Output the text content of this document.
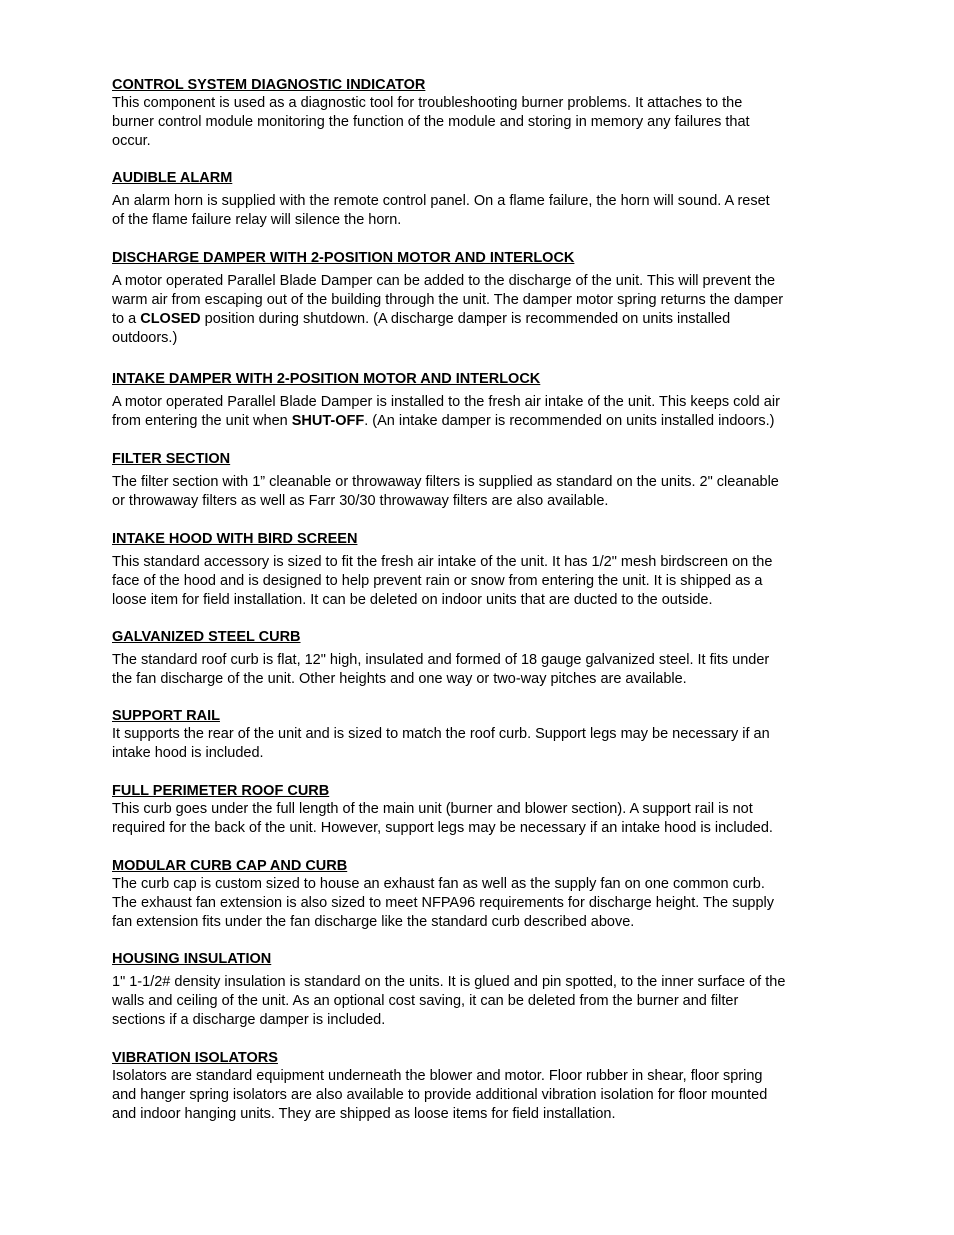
CONTROL SYSTEM DIAGNOSTIC INDICATOR
This component is used as a diagnostic tool for troubleshooting burner problems. It attaches to the
burner control module monitoring the function of the module and storing in memory any failures that
occur.
AUDIBLE ALARM
An alarm horn is supplied with the remote control panel. On a flame failure, the horn will sound. A reset
of the flame failure relay will silence the horn.
DISCHARGE DAMPER WITH 2-POSITION MOTOR AND INTERLOCK
A motor operated Parallel Blade Damper can be added to the discharge of the unit. This will prevent the
warm air from escaping out of the building through the unit. The damper motor spring returns the damper
to a CLOSED position during shutdown. (A discharge damper is recommended on units installed
outdoors.)
INTAKE DAMPER WITH 2-POSITION MOTOR AND INTERLOCK
A motor operated Parallel Blade Damper is installed to the fresh air intake of the unit. This keeps cold air
from entering the unit when SHUT-OFF. (An intake damper is recommended on units installed indoors.)
FILTER SECTION
The filter section with 1” cleanable or throwaway filters is supplied as standard on the units. 2" cleanable
or throwaway filters as well as Farr 30/30 throwaway filters are also available.
INTAKE HOOD WITH BIRD SCREEN
This standard accessory is sized to fit the fresh air intake of the unit. It has 1/2" mesh birdscreen on the
face of the hood and is designed to help prevent rain or snow from entering the unit. It is shipped as a
loose item for field installation. It can be deleted on indoor units that are ducted to the outside.
GALVANIZED STEEL CURB
The standard roof curb is flat, 12" high, insulated and formed of 18 gauge galvanized steel. It fits under
the fan discharge of the unit. Other heights and one way or two-way pitches are available.
SUPPORT RAIL
It supports the rear of the unit and is sized to match the roof curb. Support legs may be necessary if an
intake hood is included.
FULL PERIMETER ROOF CURB
This curb goes under the full length of the main unit (burner and blower section). A support rail is not
required for the back of the unit. However, support legs may be necessary if an intake hood is included.
MODULAR CURB CAP AND CURB
The curb cap is custom sized to house an exhaust fan as well as the supply fan on one common curb.
The exhaust fan extension is also sized to meet NFPA96 requirements for discharge height. The supply
fan extension fits under the fan discharge like the standard curb described above.
HOUSING INSULATION
1" 1-1/2# density insulation is standard on the units. It is glued and pin spotted, to the inner surface of the
walls and ceiling of the unit. As an optional cost saving, it can be deleted from the burner and filter
sections if a discharge damper is included.
VIBRATION ISOLATORS
Isolators are standard equipment underneath the blower and motor. Floor rubber in shear, floor spring
and hanger spring isolators are also available to provide additional vibration isolation for floor mounted
and indoor hanging units. They are shipped as loose items for field installation.
